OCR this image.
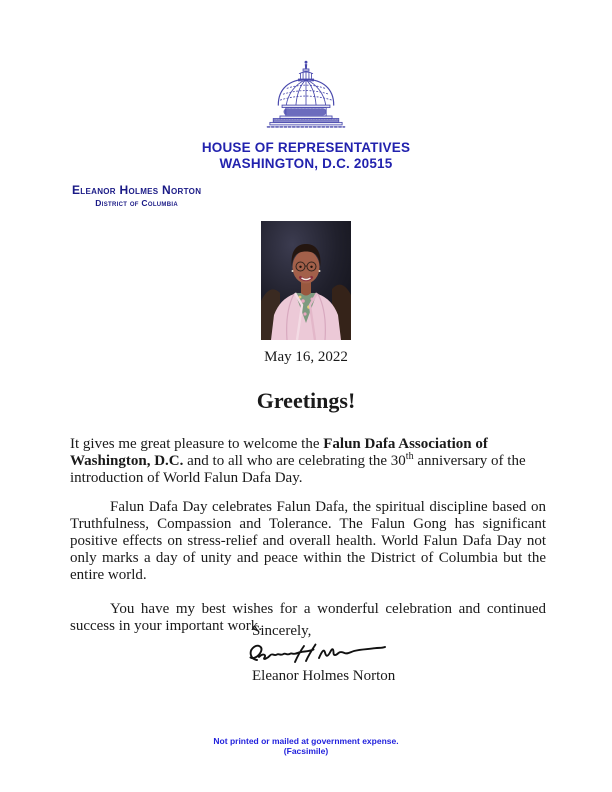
HOUSE OF REPRESENTATIVES
WASHINGTON, D.C. 20515
Eleanor Holmes Norton
District of Columbia
May 16, 2022
Greetings!

It gives me great pleasure to welcome the Falun Dafa Association of Washington, D.C. and to all who are celebrating the 30th anniversary of the introduction of World Falun Dafa Day.

Falun Dafa Day celebrates Falun Dafa, the spiritual discipline based on Truthfulness, Compassion and Tolerance. The Falun Gong has significant positive effects on stress-relief and overall health. World Falun Dafa Day not only marks a day of unity and peace within the District of Columbia but the entire world.

You have my best wishes for a wonderful celebration and continued success in your important work.

Sincerely,
Eleanor Holmes Norton
Not printed or mailed at government expense.
(Facsimile)
